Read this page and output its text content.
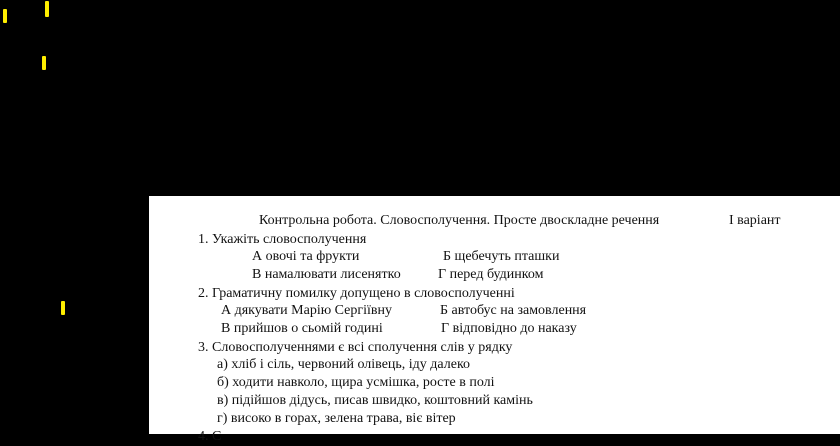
Контрольна робота. Словосполучення. Просте двоскладне речення	І варіант
1. Укажіть словосполучення
А овочі та фрукти	Б щебечуть пташки
В намалювати лисенятко	Г перед будинком
2. Граматичну помилку допущено в словосполученні
А дякувати Марію Сергіївну	Б автобус на замовлення
В прийшов о сьомій годині	Г відповідно до наказу
3. Словосполученнями є всі сполучення слів у рядку
а) хліб і сіль, червоний олівець, іду далеко
б) ходити навколо, щира усмішка, росте в полі
в) підійшов дідусь, писав швидко, коштовний камінь
г) високо в горах, зелена трава, віє вітер
4. С
